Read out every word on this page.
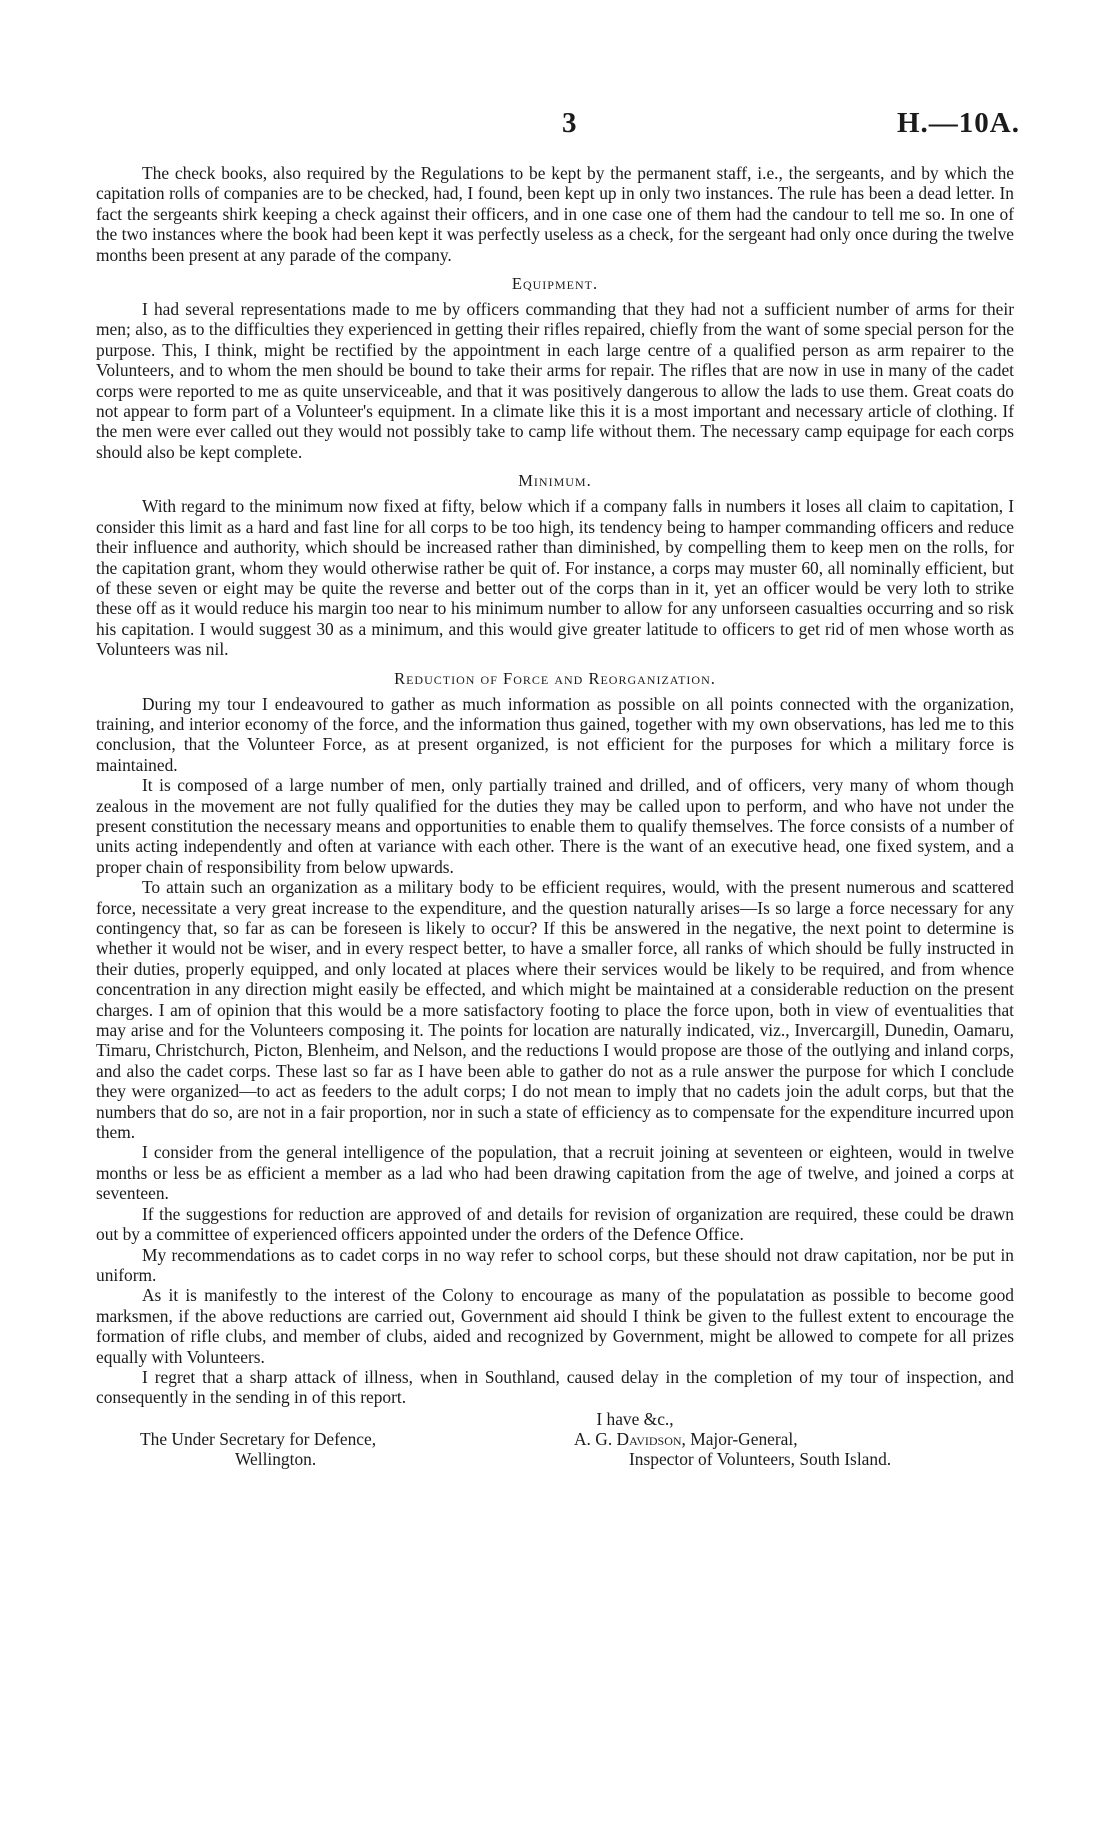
3	H.—10A.

The check books, also required by the Regulations to be kept by the permanent staff, i.e., the sergeants, and by which the capitation rolls of companies are to be checked, had, I found, been kept up in only two instances. The rule has been a dead letter. In fact the sergeants shirk keeping a check against their officers, and in one case one of them had the candour to tell me so. In one of the two instances where the book had been kept it was perfectly useless as a check, for the sergeant had only once during the twelve months been present at any parade of the company.

Equipment.

I had several representations made to me by officers commanding that they had not a sufficient number of arms for their men; also, as to the difficulties they experienced in getting their rifles repaired, chiefly from the want of some special person for the purpose. This, I think, might be rectified by the appointment in each large centre of a qualified person as arm repairer to the Volunteers, and to whom the men should be bound to take their arms for repair. The rifles that are now in use in many of the cadet corps were reported to me as quite unserviceable, and that it was positively dangerous to allow the lads to use them. Great coats do not appear to form part of a Volunteer's equipment. In a climate like this it is a most important and necessary article of clothing. If the men were ever called out they would not possibly take to camp life without them. The necessary camp equipage for each corps should also be kept complete.

Minimum.

With regard to the minimum now fixed at fifty, below which if a company falls in numbers it loses all claim to capitation, I consider this limit as a hard and fast line for all corps to be too high, its tendency being to hamper commanding officers and reduce their influence and authority, which should be increased rather than diminished, by compelling them to keep men on the rolls, for the capitation grant, whom they would otherwise rather be quit of. For instance, a corps may muster 60, all nominally efficient, but of these seven or eight may be quite the reverse and better out of the corps than in it, yet an officer would be very loth to strike these off as it would reduce his margin too near to his minimum number to allow for any unforseen casualties occurring and so risk his capitation. I would suggest 30 as a minimum, and this would give greater latitude to officers to get rid of men whose worth as Volunteers was nil.

Reduction of Force and Reorganization.

During my tour I endeavoured to gather as much information as possible on all points connected with the organization, training, and interior economy of the force, and the information thus gained, together with my own observations, has led me to this conclusion, that the Volunteer Force, as at present organized, is not efficient for the purposes for which a military force is maintained.

It is composed of a large number of men, only partially trained and drilled, and of officers, very many of whom though zealous in the movement are not fully qualified for the duties they may be called upon to perform, and who have not under the present constitution the necessary means and opportunities to enable them to qualify themselves. The force consists of a number of units acting independently and often at variance with each other. There is the want of an executive head, one fixed system, and a proper chain of responsibility from below upwards.

To attain such an organization as a military body to be efficient requires, would, with the present numerous and scattered force, necessitate a very great increase to the expenditure, and the question naturally arises—Is so large a force necessary for any contingency that, so far as can be foreseen is likely to occur? If this be answered in the negative, the next point to determine is whether it would not be wiser, and in every respect better, to have a smaller force, all ranks of which should be fully instructed in their duties, properly equipped, and only located at places where their services would be likely to be required, and from whence concentration in any direction might easily be effected, and which might be maintained at a considerable reduction on the present charges. I am of opinion that this would be a more satisfactory footing to place the force upon, both in view of eventualities that may arise and for the Volunteers composing it. The points for location are naturally indicated, viz., Invercargill, Dunedin, Oamaru, Timaru, Christchurch, Picton, Blenheim, and Nelson, and the reductions I would propose are those of the outlying and inland corps, and also the cadet corps. These last so far as I have been able to gather do not as a rule answer the purpose for which I conclude they were organized—to act as feeders to the adult corps; I do not mean to imply that no cadets join the adult corps, but that the numbers that do so, are not in a fair proportion, nor in such a state of efficiency as to compensate for the expenditure incurred upon them.

I consider from the general intelligence of the population, that a recruit joining at seventeen or eighteen, would in twelve months or less be as efficient a member as a lad who had been drawing capitation from the age of twelve, and joined a corps at seventeen.

If the suggestions for reduction are approved of and details for revision of organization are required, these could be drawn out by a committee of experienced officers appointed under the orders of the Defence Office.

My recommendations as to cadet corps in no way refer to school corps, but these should not draw capitation, nor be put in uniform.

As it is manifestly to the interest of the Colony to encourage as many of the populatation as possible to become good marksmen, if the above reductions are carried out, Government aid should I think be given to the fullest extent to encourage the formation of rifle clubs, and member of clubs, aided and recognized by Government, might be allowed to compete for all prizes equally with Volunteers.

I regret that a sharp attack of illness, when in Southland, caused delay in the completion of my tour of inspection, and consequently in the sending in of this report.

I have &c.,
The Under Secretary for Defence,
Wellington.
A. G. Davidson, Major-General,
Inspector of Volunteers, South Island.
